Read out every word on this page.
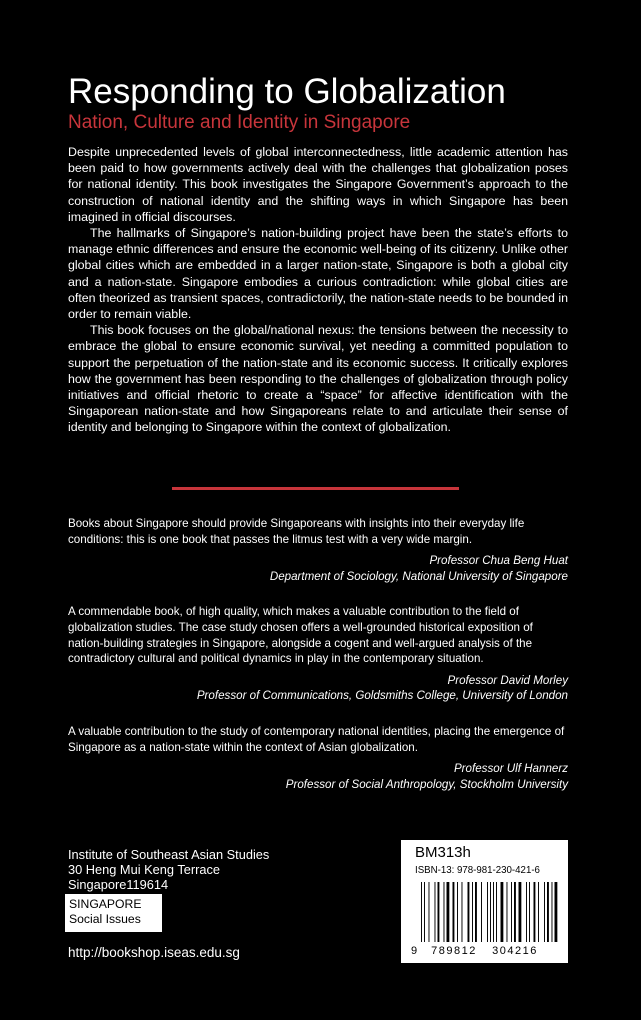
Responding to Globalization
Nation, Culture and Identity in Singapore

Despite unprecedented levels of global interconnectedness, little academic attention has been paid to how governments actively deal with the challenges that globalization poses for national identity. This book investigates the Singapore Government’s approach to the construction of national identity and the shifting ways in which Singapore has been imagined in official discourses.

The hallmarks of Singapore’s nation-building project have been the state’s efforts to manage ethnic differences and ensure the economic well-being of its citizenry. Unlike other global cities which are embedded in a larger nation-state, Singapore is both a global city and a nation-state. Singapore embodies a curious contradiction: while global cities are often theorized as transient spaces, contradictorily, the nation-state needs to be bounded in order to remain viable.

This book focuses on the global/national nexus: the tensions between the necessity to embrace the global to ensure economic survival, yet needing a committed population to support the perpetuation of the nation-state and its economic success. It critically explores how the government has been responding to the challenges of globalization through policy initiatives and official rhetoric to create a “space” for affective identification with the Singaporean nation-state and how Singaporeans relate to and articulate their sense of identity and belonging to Singapore within the context of globalization.

Books about Singapore should provide Singaporeans with insights into their everyday life conditions: this is one book that passes the litmus test with a very wide margin.

Professor Chua Beng Huat
Department of Sociology, National University of Singapore

A commendable book, of high quality, which makes a valuable contribution to the field of globalization studies. The case study chosen offers a well-grounded historical exposition of nation-building strategies in Singapore, alongside a cogent and well-argued analysis of the contradictory cultural and political dynamics in play in the contemporary situation.

Professor David Morley
Professor of Communications, Goldsmiths College, University of London

A valuable contribution to the study of contemporary national identities, placing the emergence of Singapore as a nation-state within the context of Asian globalization.

Professor Ulf Hannerz
Professor of Social Anthropology, Stockholm University
Institute of Southeast Asian Studies
30 Heng Mui Keng Terrace
Singapore119614
SINGAPORE
Social Issues
http://bookshop.iseas.edu.sg
BM313h
ISBN-13: 978-981-230-421-6
9 789812 304216
